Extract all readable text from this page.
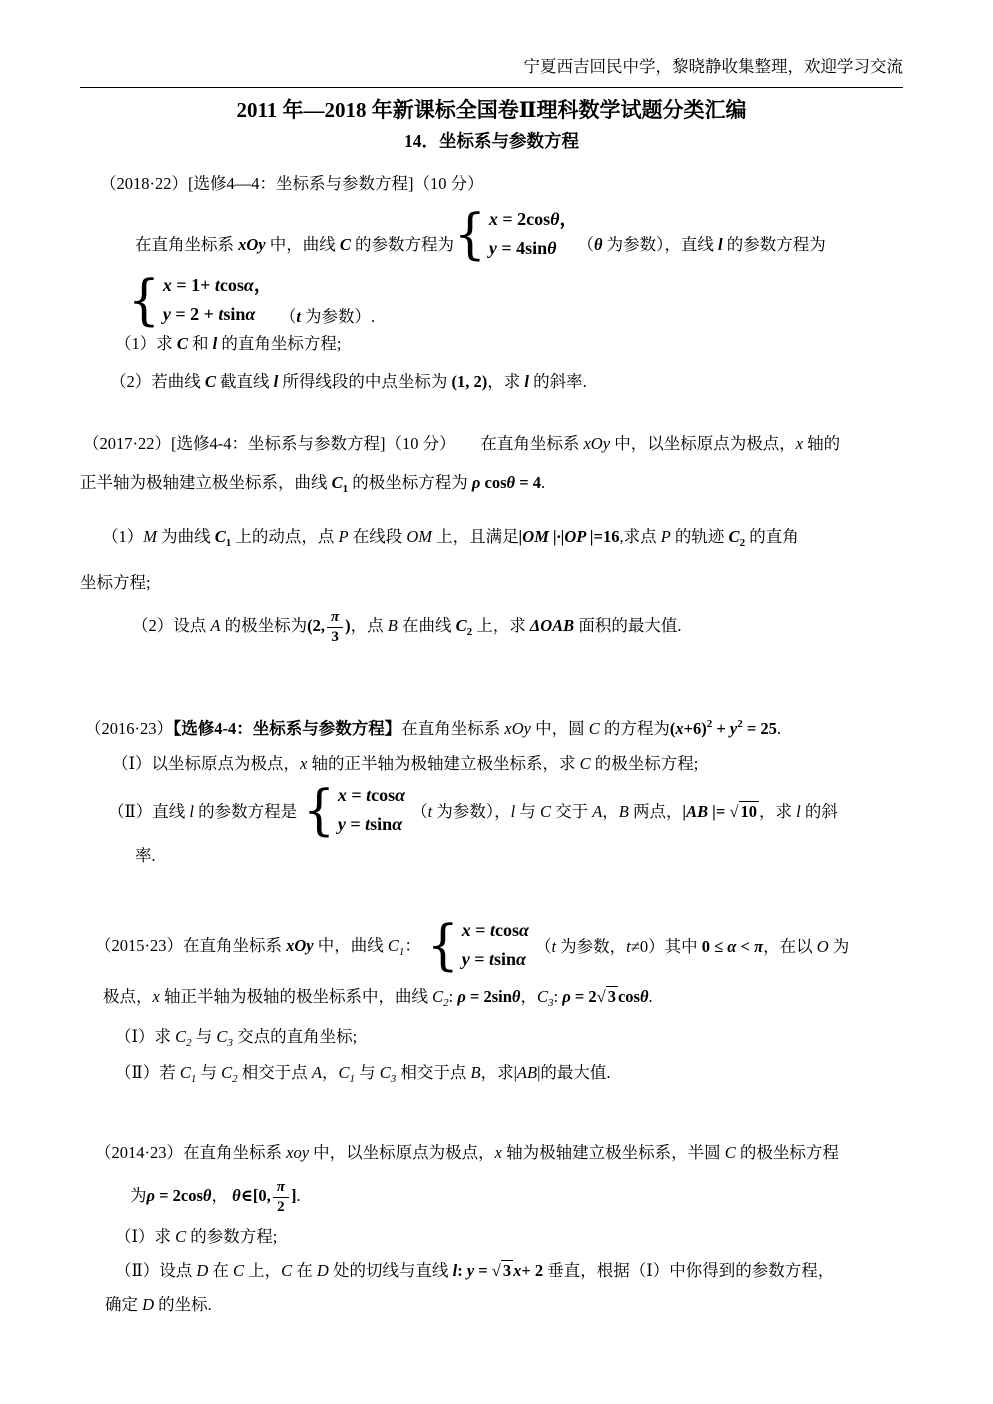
宁夏西吉回民中学，黎晓静收集整理，欢迎学习交流
2011 年—2018 年新课标全国卷Ⅱ理科数学试题分类汇编
14．坐标系与参数方程
（2018·22）[选修4—4：坐标系与参数方程]（10 分）
在直角坐标系 xOy 中，曲线 C 的参数方程为 { x = 2cosθ，
y = 4sinθ	（θ 为参数），直线 l 的参数方程为
{ x = 1+ tcosα，
y = 2 + tsinα	（t 为参数）.
（1）求 C 和 l 的直角坐标方程;
（2）若曲线 C 截直线 l 所得线段的中点坐标为 (1, 2)，求 l 的斜率.
（2017·22）[选修4-4：坐标系与参数方程]（10 分）　　在直角坐标系 xOy 中，以坐标原点为极点，x 轴的
正半轴为极轴建立极坐标系，曲线 $C_1$ 的极坐标方程为 ρ cosθ = 4.
（1）M 为曲线 $C_1$ 上的动点，点 P 在线段 OM 上，且满足|OM |·|OP |=16,求点 P 的轨迹 $C_2$ 的直角
坐标方程;
（2）设点 A 的极坐标为(2, $\frac{\pi}{3}$ )，点 B 在曲线 $C_2$ 上，求 ΔOAB 面积的最大值.
（2016·23）【选修4-4：坐标系与参数方程】在直角坐标系 xOy 中，圆 C 的方程为$(x+6)^2 + y^2 = 25$.
（Ⅰ）以坐标原点为极点，x 轴的正半轴为极轴建立极坐标系，求 C 的极坐标方程;
（Ⅱ）直线 l 的参数方程是 { x = tcosα
y = tsinα
（t 为参数），l 与 C 交于 A，B 两点，|AB |= √ 10 ，求 l 的斜
率.
（2015·23）在直角坐标系 xOy 中，曲线 $C_1$： { x = tcosα
y = tsinα
（t 为参数，t≠0）其中 0 ≤ α < π，在以 O 为
极点，x 轴正半轴为极轴的极坐标系中，曲线 $C_2$: ρ = 2sinθ，$C_3$: ρ = 2√ 3 cosθ.
（Ⅰ）求 $C_2$ 与 $C_3$ 交点的直角坐标;
（Ⅱ）若 $C_1$ 与 $C_2$ 相交于点 A，$C_1$ 与 $C_3$ 相交于点 B，求|AB|的最大值.
（2014·23）在直角坐标系 xoy 中，以坐标原点为极点，x 轴为极轴建立极坐标系，半圆 C 的极坐标方程
为ρ = 2cosθ， θ∈[0, $\frac{\pi}{2}$ ].
（Ⅰ）求 C 的参数方程;
（Ⅱ）设点 D 在 C 上，C 在 D 处的切线与直线 l: y = √ 3 x+ 2 垂直，根据（Ⅰ）中你得到的参数方程，
确定 D 的坐标.
